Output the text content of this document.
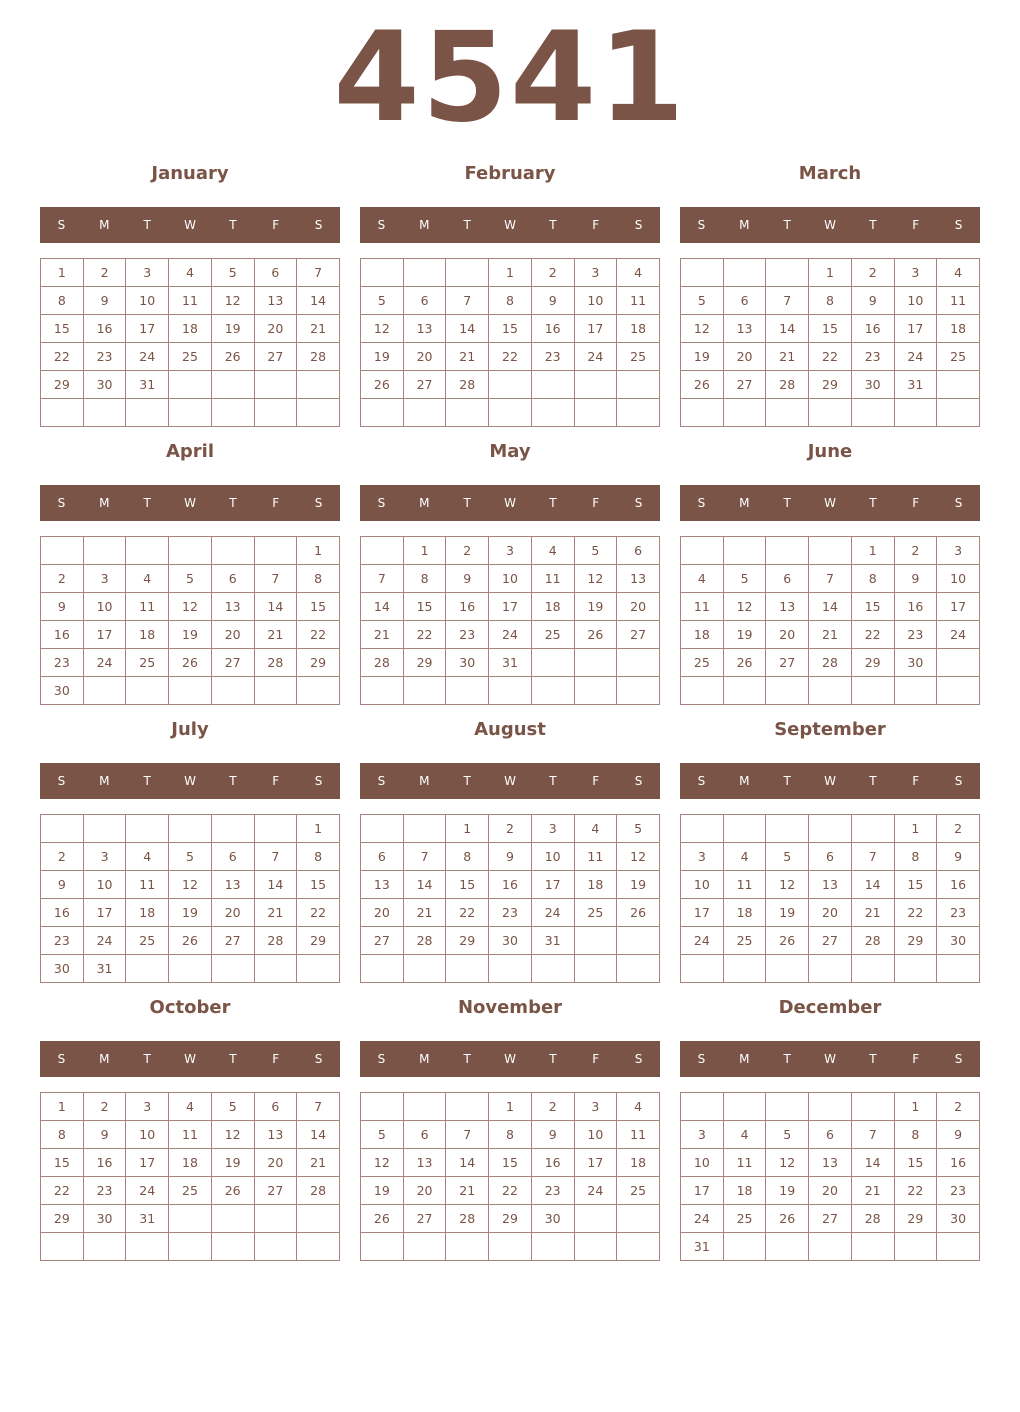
4541
January
S	M	T	W	T	F	S
1	2	3	4	5	6	7
8	9	10	11	12	13	14
15	16	17	18	19	20	21
22	23	24	25	26	27	28
29	30	31				

February
S	M	T	W	T	F	S
			1	2	3	4
5	6	7	8	9	10	11
12	13	14	15	16	17	18
19	20	21	22	23	24	25
26	27	28				

March
S	M	T	W	T	F	S
			1	2	3	4
5	6	7	8	9	10	11
12	13	14	15	16	17	18
19	20	21	22	23	24	25
26	27	28	29	30	31	

April
S	M	T	W	T	F	S
						1
2	3	4	5	6	7	8
9	10	11	12	13	14	15
16	17	18	19	20	21	22
23	24	25	26	27	28	29
30						
May
S	M	T	W	T	F	S
	1	2	3	4	5	6
7	8	9	10	11	12	13
14	15	16	17	18	19	20
21	22	23	24	25	26	27
28	29	30	31			

June
S	M	T	W	T	F	S
				1	2	3
4	5	6	7	8	9	10
11	12	13	14	15	16	17
18	19	20	21	22	23	24
25	26	27	28	29	30	

July
S	M	T	W	T	F	S
						1
2	3	4	5	6	7	8
9	10	11	12	13	14	15
16	17	18	19	20	21	22
23	24	25	26	27	28	29
30	31					
August
S	M	T	W	T	F	S
		1	2	3	4	5
6	7	8	9	10	11	12
13	14	15	16	17	18	19
20	21	22	23	24	25	26
27	28	29	30	31		

September
S	M	T	W	T	F	S
					1	2
3	4	5	6	7	8	9
10	11	12	13	14	15	16
17	18	19	20	21	22	23
24	25	26	27	28	29	30

October
S	M	T	W	T	F	S
1	2	3	4	5	6	7
8	9	10	11	12	13	14
15	16	17	18	19	20	21
22	23	24	25	26	27	28
29	30	31				

November
S	M	T	W	T	F	S
			1	2	3	4
5	6	7	8	9	10	11
12	13	14	15	16	17	18
19	20	21	22	23	24	25
26	27	28	29	30		

December
S	M	T	W	T	F	S
					1	2
3	4	5	6	7	8	9
10	11	12	13	14	15	16
17	18	19	20	21	22	23
24	25	26	27	28	29	30
31						
